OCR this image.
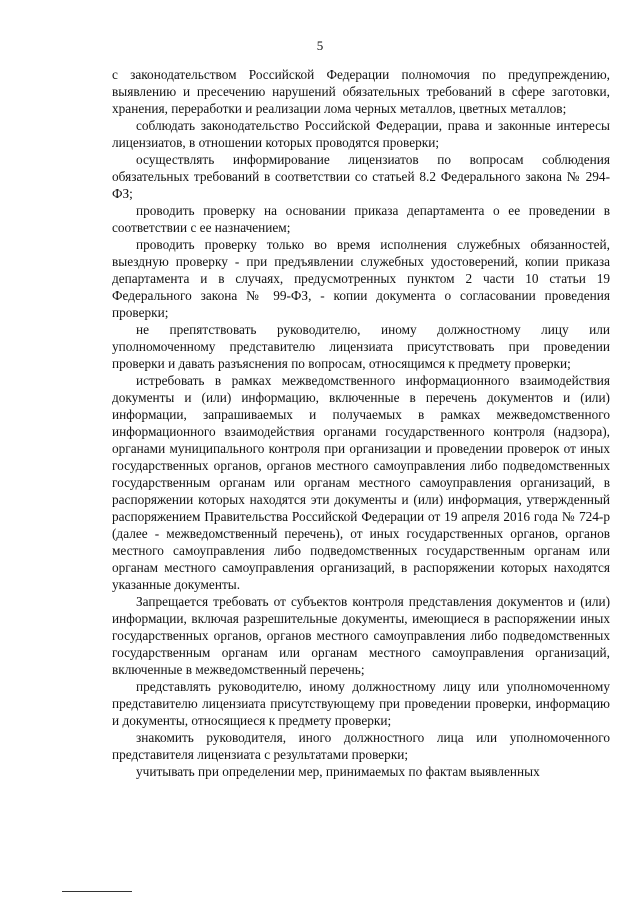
5

с законодательством Российской Федерации полномочия по предупреждению, выявлению и пресечению нарушений обязательных требований в сфере заготовки, хранения, переработки и реализации лома черных металлов, цветных металлов;

соблюдать законодательство Российской Федерации, права и законные интересы лицензиатов, в отношении которых проводятся проверки;

осуществлять информирование лицензиатов по вопросам соблюдения обязательных требований в соответствии со статьей 8.2 Федерального закона № 294-ФЗ;

проводить проверку на основании приказа департамента о ее проведении в соответствии с ее назначением;

проводить проверку только во время исполнения служебных обязанностей, выездную проверку - при предъявлении служебных удостоверений, копии приказа департамента и в случаях, предусмотренных пунктом 2 части 10 статьи 19 Федерального закона № 99-ФЗ, - копии документа о согласовании проведения проверки;

не препятствовать руководителю, иному должностному лицу или уполномоченному представителю лицензиата присутствовать при проведении проверки и давать разъяснения по вопросам, относящимся к предмету проверки;

истребовать в рамках межведомственного информационного взаимодействия документы и (или) информацию, включенные в перечень документов и (или) информации, запрашиваемых и получаемых в рамках межведомственного информационного взаимодействия органами государственного контроля (надзора), органами муниципального контроля при организации и проведении проверок от иных государственных органов, органов местного самоуправления либо подведомственных государственным органам или органам местного самоуправления организаций, в распоряжении которых находятся эти документы и (или) информация, утвержденный распоряжением Правительства Российской Федерации от 19 апреля 2016 года № 724-р (далее - межведомственный перечень), от иных государственных органов, органов местного самоуправления либо подведомственных государственным органам или органам местного самоуправления организаций, в распоряжении которых находятся указанные документы.

Запрещается требовать от субъектов контроля представления документов и (или) информации, включая разрешительные документы, имеющиеся в распоряжении иных государственных органов, органов местного самоуправления либо подведомственных государственным органам или органам местного самоуправления организаций, включенные в межведомственный перечень;

представлять руководителю, иному должностному лицу или уполномоченному представителю лицензиата присутствующему при проведении проверки, информацию и документы, относящиеся к предмету проверки;

знакомить руководителя, иного должностного лица или уполномоченного представителя лицензиата с результатами проверки;

учитывать при определении мер, принимаемых по фактам выявленных
